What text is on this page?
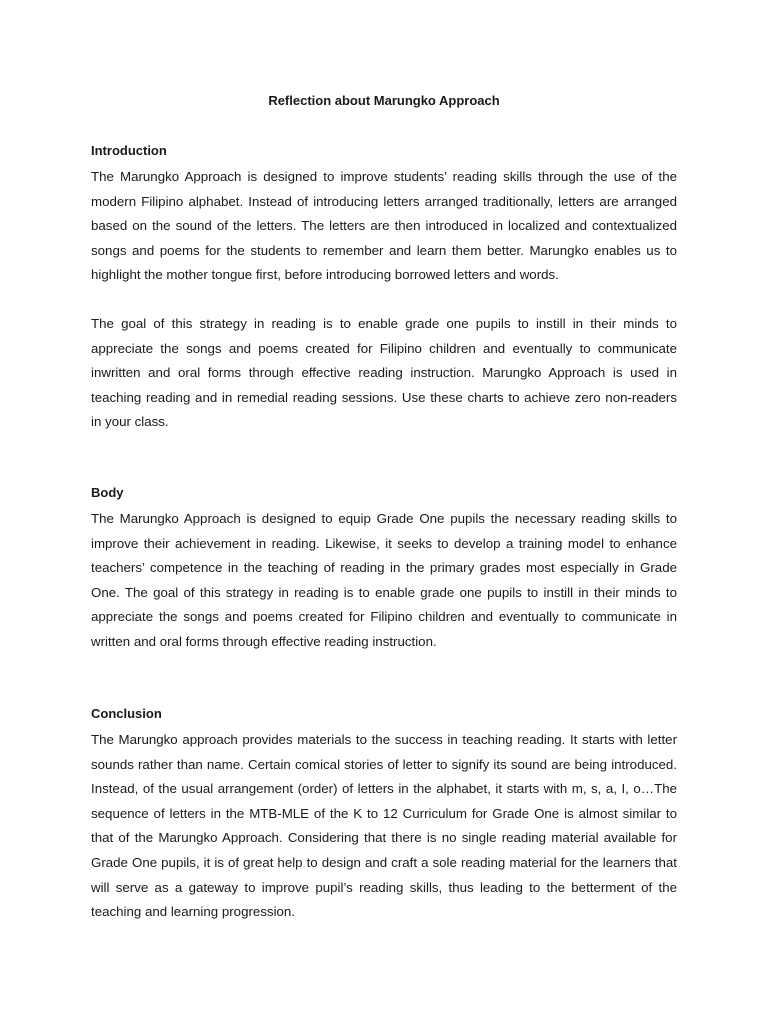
Reflection about Marungko Approach
Introduction

The Marungko Approach is designed to improve students’ reading skills through the use of the modern Filipino alphabet. Instead of introducing letters arranged traditionally, letters are arranged based on the sound of the letters. The letters are then introduced in localized and contextualized songs and poems for the students to remember and learn them better. Marungko enables us to highlight the mother tongue first, before introducing borrowed letters and words.

The goal of this strategy in reading is to enable grade one pupils to instill in their minds to appreciate the songs and poems created for Filipino children and eventually to communicate inwritten and oral forms through effective reading instruction. Marungko Approach is used in teaching reading and in remedial reading sessions. Use these charts to achieve zero non-readers in your class.

Body

The Marungko Approach is designed to equip Grade One pupils the necessary reading skills to improve their achievement in reading. Likewise, it seeks to develop a training model to enhance teachers’ competence in the teaching of reading in the primary grades most especially in Grade One. The goal of this strategy in reading is to enable grade one pupils to instill in their minds to appreciate the songs and poems created for Filipino children and eventually to communicate in written and oral forms through effective reading instruction.

Conclusion

The Marungko approach provides materials to the success in teaching reading. It starts with letter sounds rather than name. Certain comical stories of letter to signify its sound are being introduced. Instead, of the usual arrangement (order) of letters in the alphabet, it starts with m, s, a, I, o…The sequence of letters in the MTB-MLE of the K to 12 Curriculum for Grade One is almost similar to that of the Marungko Approach. Considering that there is no single reading material available for Grade One pupils, it is of great help to design and craft a sole reading material for the learners that will serve as a gateway to improve pupil’s reading skills, thus leading to the betterment of the teaching and learning progression.
